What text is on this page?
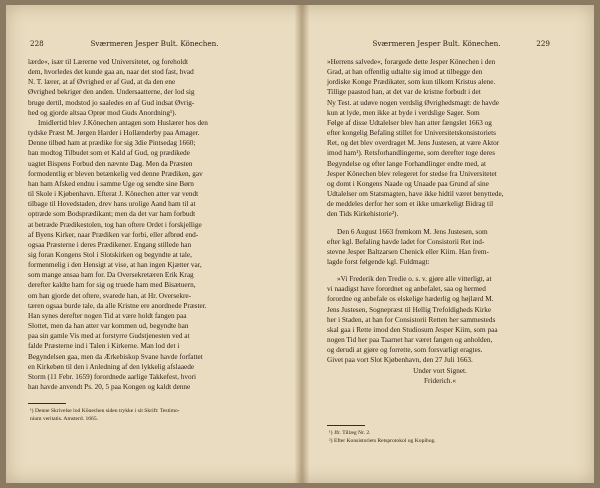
228	Sværmeren Jesper Bult. Könechen.

lærde«, især til Lærerne ved Universitetet, og foreholdt

dem, hvorledes det kunde gaa an, naar det stod fast, hvad

N. T. lærer, at af Øvrighed er af Gud, at da den ene

Øvrighed bekriger den anden. Undersaatterne, der lod sig

bruge dertil, modstod jo saaledes en af Gud indsat Øvrig-

hed og gjorde altsaa Oprør mod Guds Anordning¹).

Imidlertid blev J.Könechen antagen som Huslærer hos den

tydske Præst M. Jørgen Harder i Hollænderby paa Amager.

Denne tilbød ham at prædike for sig 3die Pintsedag 1660;

han modtog Tilbudet som et Kald af Gud, og prædikede

uagtet Bispens Forbud den nævnte Dag. Men da Præsten

formodentlig er bleven betænkelig ved denne Prædiken, gav

han ham Afsked endnu i samme Uge og sendte sine Børn

til Skole i Kjøbenhavn. Efterat J. Könechen atter var vendt

tilbage til Hovedstaden, drev hans urolige Aand ham til at

optræde som Bodsprædikant; men da det var ham forbudt

at betræde Prædikestolen, tog han oftere Ordet i forskjellige

af Byens Kirker, naar Prædiken var forbi, eller afbrød end-

ogsaa Præsterne i deres Prædikener. Engang stillede han

sig foran Kongens Stol i Slotskirken og begyndte at tale,

formenmelig i den Hensigt at vise, at han ingen Kjætter var,

som mange ansaa ham for. Da Oversekretæren Erik Krag

derefter kaldte ham for sig og truede ham med Bisætuern,

om han gjorde det oftere, svarede han, at Hr. Oversekre-

tæren ogsaa burde tale, da alle Kristne ere anordnede Præster.

Han synes derefter nogen Tid at være holdt fangen paa

Slottet, men da han atter var kommen ud, begyndte han

paa sin gamle Vis med at forstyrre Gudstjenesten ved at

falde Præsterne ind i Talen i Kirkerne. Man lod det i

Begyndelsen gaa, men da Ærkebiskop Svane havde forfattet

en Kirkebøn til den i Anledning af den lykkelig afslaaede

Storm (11 Febr. 1659) forordnede aarlige Takkefest, hvori

han havde anvendt Ps. 20, 5 paa Kongen og kaldt denne

¹) Denne Skrivelse lod Könechen siden trykke i sit Skrift: Testimo-

nium veritatis. Amsterd. 1665.

Sværmeren Jesper Bult. Könechen.	229

»Herrens salvede«, forargede dette Jesper Könechen i den

Grad, at han offentlig udtalte sig imod at tilbegge den

jordiske Konge Prædikater, som kun tilkom Kristus alene.

Tillige paastod han, at det var de kristne forbudt i det

Ny Test. at udøve nogen verdslig Øvrighedsmagt: de havde

kun at lyde, men ikke at byde i verdslige Sager. Som

Følge af disse Udtalelser blev han atter fængslet 1663 og

efter kongelig Befaling stillet for Universitetskonsistoriets

Ret, og det blev overdraget M. Jens Justesen, at være Aktor

imod ham¹). Retsforhandlingerne, som derefter toge deres

Begyndelse og efter lange Forhandlinger endte med, at

Jesper Könechen blev relegeret for stedse fra Universitetet

og domt i Kongens Naade og Unaade paa Grund af sine

Udtalelser om Statsmagten, have ikke hidtil været benyttede,

de meddeles derfor her som et ikke umærkeligt Bidrag til

den Tids Kirkehistorie²).

Den 6 August 1663 fremkom M. Jens Justesen, som

efter kgl. Befaling havde ladet for Consistorii Ret ind-

stevne Jesper Baltzarsen Chenick eller Kiim. Han frem-

lagde forst følgende kgl. Fuldmagt:

»Vi Frederik den Tredie o. s. v. gjøre alle vitterligt, at

vi naadigst have forordnet og anbefalet, saa og hermed

forordne og anbefale os elskelige hæderlig og højlærd M.

Jens Justesen, Sognepræst til Hellig Trefoldigheds Kirke

her i Staden, at han for Consistorii Retten her sammesteds

skal gaa i Rette imod den Studiosum Jesper Kiim, som paa

nogen Tid her paa Taarnet har været fangen og anholden,

og derudi at gjøre og forrette, som forsvarligt eragtes.

Givet paa vort Slot Kjøbenhavn, den 27 Juli 1663.

Under vort Signet.

Friderich.«

¹) Jfr. Tillæg Nr. 2.

²) Efter Konsistoriets Retsprotokol og Kopibog.
